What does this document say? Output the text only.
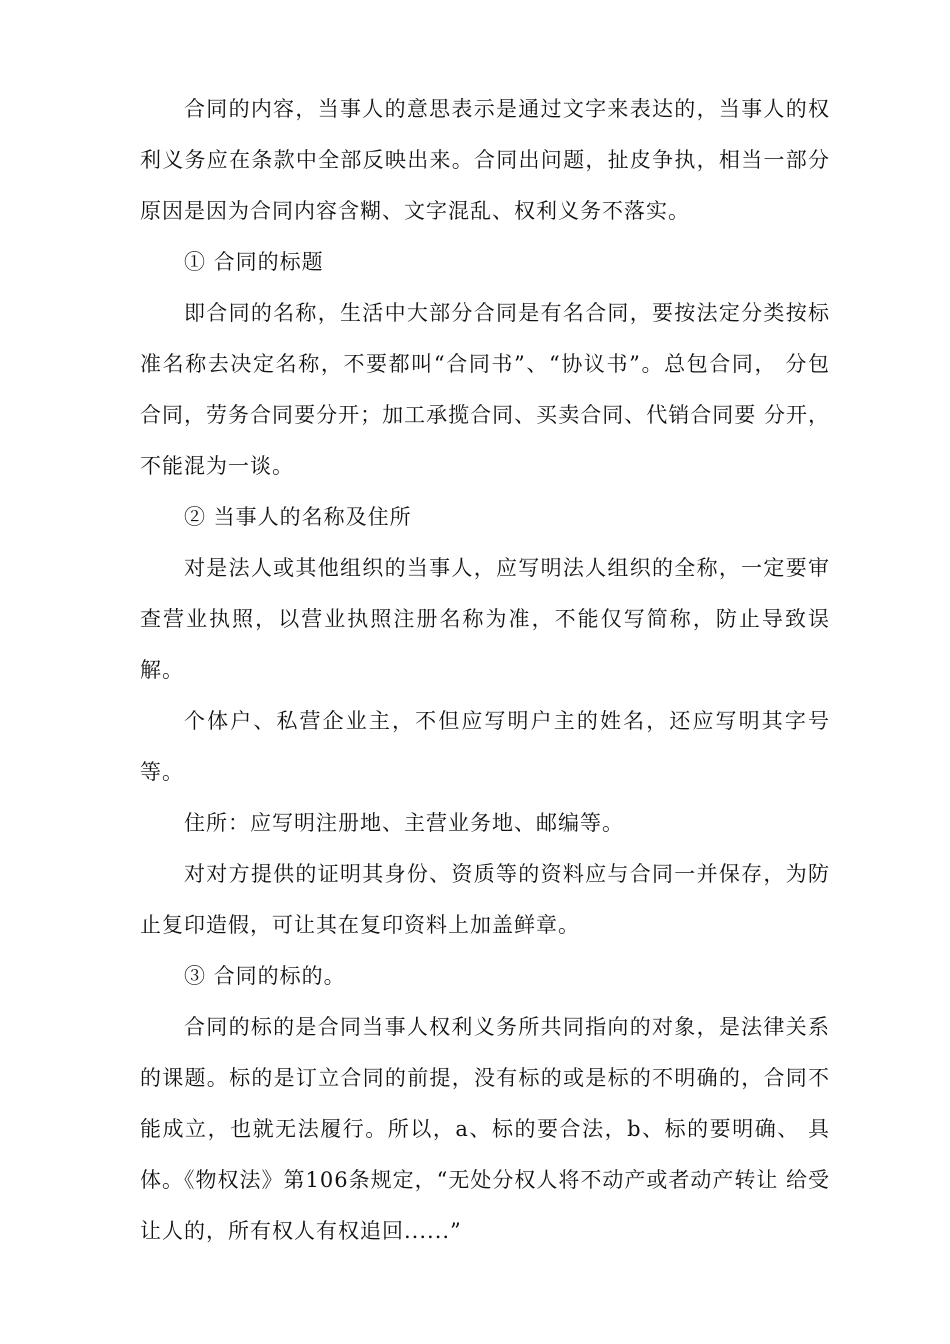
合同的内容，当事人的意思表示是通过文字来表达的，当事人的权利义务应在条款中全部反映出来。合同出问题，扯皮争执，相当一部分原因是因为合同内容含糊、文字混乱、权利义务不落实。

① 合同的标题

即合同的名称，生活中大部分合同是有名合同，要按法定分类按标准名称去决定名称，不要都叫“合同书”、“协议书”。总包合同， 分包合同，劳务合同要分开；加工承揽合同、买卖合同、代销合同要 分开，不能混为一谈。

② 当事人的名称及住所

对是法人或其他组织的当事人，应写明法人组织的全称，一定要审查营业执照，以营业执照注册名称为准，不能仅写简称，防止导致误解。

个体户、私营企业主，不但应写明户主的姓名，还应写明其字号等。

住所：应写明注册地、主营业务地、邮编等。

对对方提供的证明其身份、资质等的资料应与合同一并保存，为防止复印造假，可让其在复印资料上加盖鲜章。

③ 合同的标的。

合同的标的是合同当事人权利义务所共同指向的对象，是法律关系的课题。标的是订立合同的前提，没有标的或是标的不明确的，合同不能成立，也就无法履行。所以，a、标的要合法，b、标的要明确、 具体。《物权法》第106条规定，“无处分权人将不动产或者动产转让 给受让人的，所有权人有权追回......”
